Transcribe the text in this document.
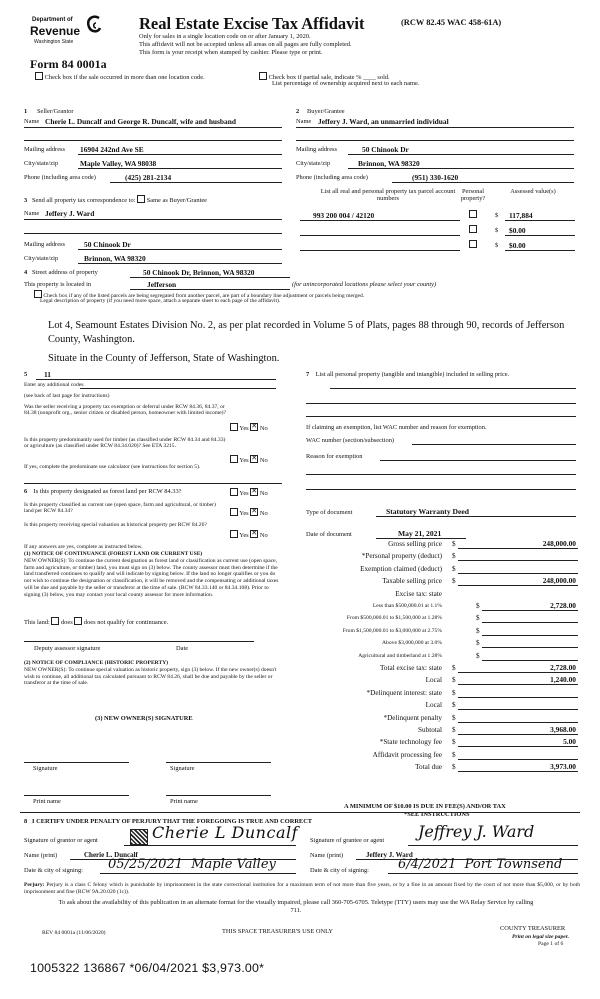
Department of
Revenue
Washington State
Real Estate Excise Tax Affidavit	(RCW 82.45 WAC 458-61A)
Only for sales in a single location code on or after January 1, 2020.
This affidavit will not be accepted unless all areas on all pages are fully completed.
This form is your receipt when stamped by cashier. Please type or print.
Form 84 0001a
Check box if the sale occurred in more than one location code.	Check box if partial sale, indicate % ____ sold.
List percentage of ownership acquired next to each name.
1 Seller/Grantor
Name Cherie L. Duncalf and George R. Duncalf, wife and husband
Mailing address 16904 242nd Ave SE
City/state/zip	Maple Valley, WA 98038
Phone (including area code)	(425) 281-2134
2 Buyer/Grantee
Name Jeffery J. Ward, an unmarried individual
Mailing address	50 Chinook Dr
City/state/zip	Brinnon, WA 98320
Phone (including area code)	(951) 330-1620
3 Send all property tax correspondence to: Same as Buyer/Grantee
Name Jeffery J. Ward
Mailing address	50 Chinook Dr
City/state/zip	Brinnon, WA 98320
List all real and personal property tax parcel account numbers
Personal property?
Assessed value(s)
993 200 004 / 42120	$ 117,884
$ $0.00
$ $0.00
4 Street address of property	50 Chinook Dr, Brinnon, WA 98320
This property is located in	Jefferson	(for unincorporated locations please select your county)
Check box if any of the listed parcels are being segregated from another parcel, are part of a boundary line adjustment or parcels being merged.
Legal description of property (if you need more space, attach a separate sheet to each page of the affidavit).
Lot 4, Seamount Estates Division No. 2, as per plat recorded in Volume 5 of Plats, pages 88 through 90, records of Jefferson County, Washington.
Situate in the County of Jefferson, State of Washington.
5 11
Enter any additional codes
(see back of last page for instructions)
Was the seller receiving a property tax exemption or deferral under RCW 84.36, 84.37, or 84.38 (nonprofit org., senior citizen or disabled person, homeowner with limited income)?
Yes ✕ No
Is this property predominantly used for timber (as classified under RCW 84.34 and 84.33) or agriculture (as classified under RCW 84.34.020)? See ETA 3215.
Yes ✕ No
If yes, complete the predominate use calculator (see instructions for section 5).
6 Is this property designated as forest land per RCW 84.33?	Yes ✕ No
Is this property classified as current use (open space, farm and agricultural, or timber) land per RCW 84.34?	Yes ✕ No
Is this property receiving special valuation as historical property per RCW 84.26?
Yes ✕ No
If any answers are yes, complete as instructed below.
(1) NOTICE OF CONTINUANCE (FOREST LAND OR CURRENT USE)
NEW OWNER(S): To continue the current designation as forest land or classification as current use (open space, farm and agriculture, or timber) land, you must sign on (3) below. The county assessor must then determine if the land transferred continues to qualify and will indicate by signing below. If the land no longer qualifies or you do not wish to continue the designation or classification, it will be removed and the compensating or additional taxes will be due and payable by the seller or transferor at the time of sale. (RCW 84.33.140 or 84.34.108). Prior to signing (3) below, you may contact your local county assessor for more information.
This land: does does not qualify for continuance.
Deputy assessor signature	Date
(2) NOTICE OF COMPLIANCE (HISTORIC PROPERTY)
NEW OWNER(S): To continue special valuation as historic property, sign (3) below. If the new owner(s) doesn't wish to continue, all additional tax calculated pursuant to RCW 84.26, shall be due and payable by the seller or transferor at the time of sale.
(3) NEW OWNER(S) SIGNATURE
Signature	Signature
Print name	Print name
7 List all personal property (tangible and intangible) included in selling price.
If claiming an exemption, list WAC number and reason for exemption.
WAC number (section/subsection)
Reason for exemption
Type of document	Statutory Warranty Deed
Date of document	May 21, 2021
Gross selling price $	248,000.00
*Personal property (deduct) $
Exemption claimed (deduct) $
Taxable selling price $	248,000.00
Excise tax: state
Less than $500,000.01 at 1.1%	$	2,728.00
From $500,000.01 to $1,500,000 at 1.28%	$
From $1,500,000.01 to $3,000,000 at 2.75%	$
Above $3,000,000 at 3.0%	$
Agricultural and timberland at 1.28%	$
Total excise tax: state $	2,728.00
Local $	1,240.00
*Delinquent interest: state $
Local $
*Delinquent penalty $
Subtotal $	3,968.00
*State technology fee $	5.00
Affidavit processing fee $
Total due $	3,973.00
A MINIMUM OF $10.00 IS DUE IN FEE(S) AND/OR TAX
*SEE INSTRUCTIONS
8 I CERTIFY UNDER PENALTY OF PERJURY THAT THE FOREGOING IS TRUE AND CORRECT
Signature of grantor or agent	Cherie L Duncalf Signature of grantee or agent Jeffrey J. Ward
Name (print)	Cherie L. Duncalf	Name (print)	Jeffery J. Ward
Date & city of signing: 05/25/2021  Maple Valley	Date & city of signing: 6/4/2021  Port Townsend
Perjury: Perjury is a class C felony which is punishable by imprisonment in the state correctional institution for a maximum term of not more than five years, or by a fine in an amount fixed by the court of not more than $5,000, or by both imprisonment and fine (RCW 9A.20.020 (1c)).
To ask about the availability of this publication in an alternate format for the visually impaired, please call 360-705-6705. Teletype (TTY) users may use the WA Relay Service by calling 711.
REV 84 0001a (11/06/2020)	THIS SPACE TREASURER'S USE ONLY	COUNTY TREASURER
Print on legal size paper.
Page 1 of 6
1005322 136867 *06/04/2021 $3,973.00*
